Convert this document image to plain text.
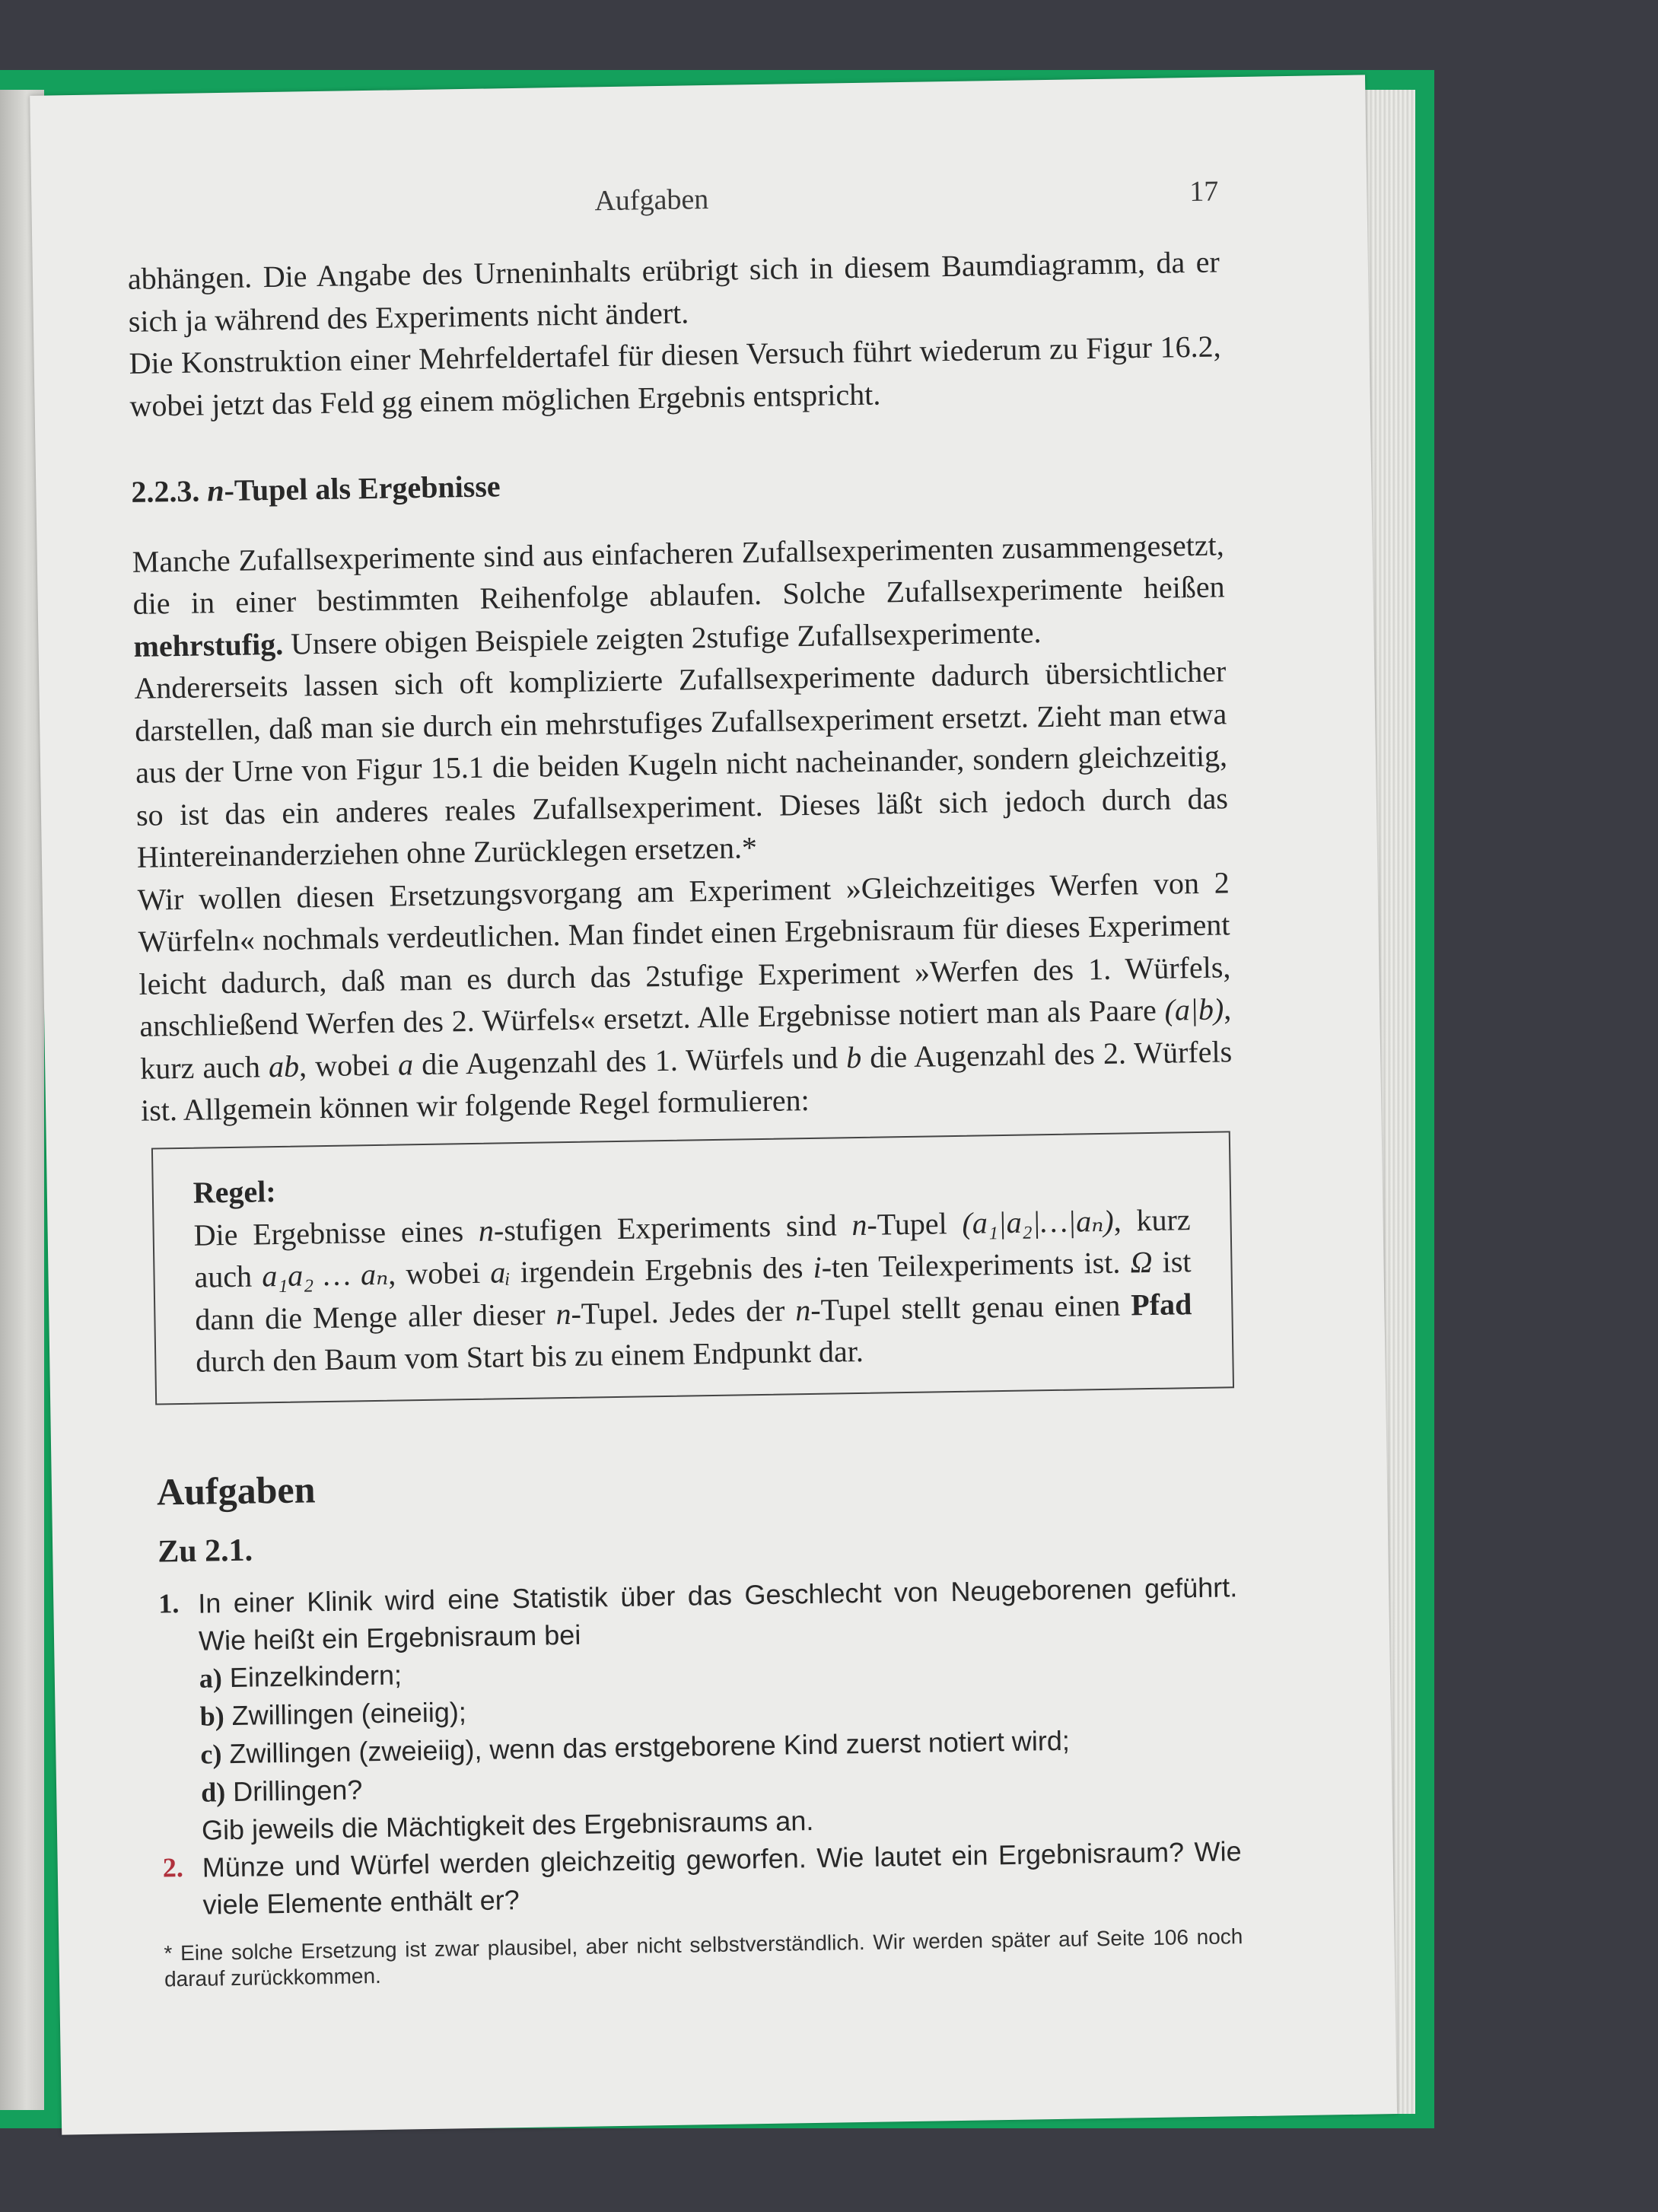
Aufgaben	17

abhängen. Die Angabe des Urneninhalts erübrigt sich in diesem Baumdiagramm, da er sich ja während des Experiments nicht ändert.

Die Konstruktion einer Mehrfeldertafel für diesen Versuch führt wiederum zu Figur 16.2, wobei jetzt das Feld gg einem möglichen Ergebnis entspricht.

2.2.3. n-Tupel als Ergebnisse

Manche Zufallsexperimente sind aus einfacheren Zufallsexperimenten zusammengesetzt, die in einer bestimmten Reihenfolge ablaufen. Solche Zufallsexperimente heißen mehrstufig. Unsere obigen Beispiele zeigten 2stufige Zufallsexperimente.

Andererseits lassen sich oft komplizierte Zufallsexperimente dadurch übersichtlicher darstellen, daß man sie durch ein mehrstufiges Zufallsexperiment ersetzt. Zieht man etwa aus der Urne von Figur 15.1 die beiden Kugeln nicht nacheinander, sondern gleichzeitig, so ist das ein anderes reales Zufallsexperiment. Dieses läßt sich jedoch durch das Hintereinanderziehen ohne Zurücklegen ersetzen.*

Wir wollen diesen Ersetzungsvorgang am Experiment »Gleichzeitiges Werfen von 2 Würfeln« nochmals verdeutlichen. Man findet einen Ergebnisraum für dieses Experiment leicht dadurch, daß man es durch das 2stufige Experiment »Werfen des 1. Würfels, anschließend Werfen des 2. Würfels« ersetzt. Alle Ergebnisse notiert man als Paare (a|b), kurz auch ab, wobei a die Augenzahl des 1. Würfels und b die Augenzahl des 2. Würfels ist. Allgemein können wir folgende Regel formulieren:

Regel:

Die Ergebnisse eines n-stufigen Experiments sind n-Tupel (a₁|a₂|…|aₙ), kurz auch a₁a₂ … aₙ, wobei aᵢ irgendein Ergebnis des i-ten Teilexperiments ist. Ω ist dann die Menge aller dieser n-Tupel. Jedes der n-Tupel stellt genau einen Pfad durch den Baum vom Start bis zu einem Endpunkt dar.

Aufgaben
Zu 2.1.
1. In einer Klinik wird eine Statistik über das Geschlecht von Neugeborenen geführt. Wie heißt ein Ergebnisraum bei
a) Einzelkindern;
b) Zwillingen (eineiig);
c) Zwillingen (zweieiig), wenn das erstgeborene Kind zuerst notiert wird;
d) Drillingen?
Gib jeweils die Mächtigkeit des Ergebnisraums an.
2. Münze und Würfel werden gleichzeitig geworfen. Wie lautet ein Ergebnisraum? Wie viele Elemente enthält er?
* Eine solche Ersetzung ist zwar plausibel, aber nicht selbstverständlich. Wir werden später auf Seite 106 noch darauf zurückkommen.
